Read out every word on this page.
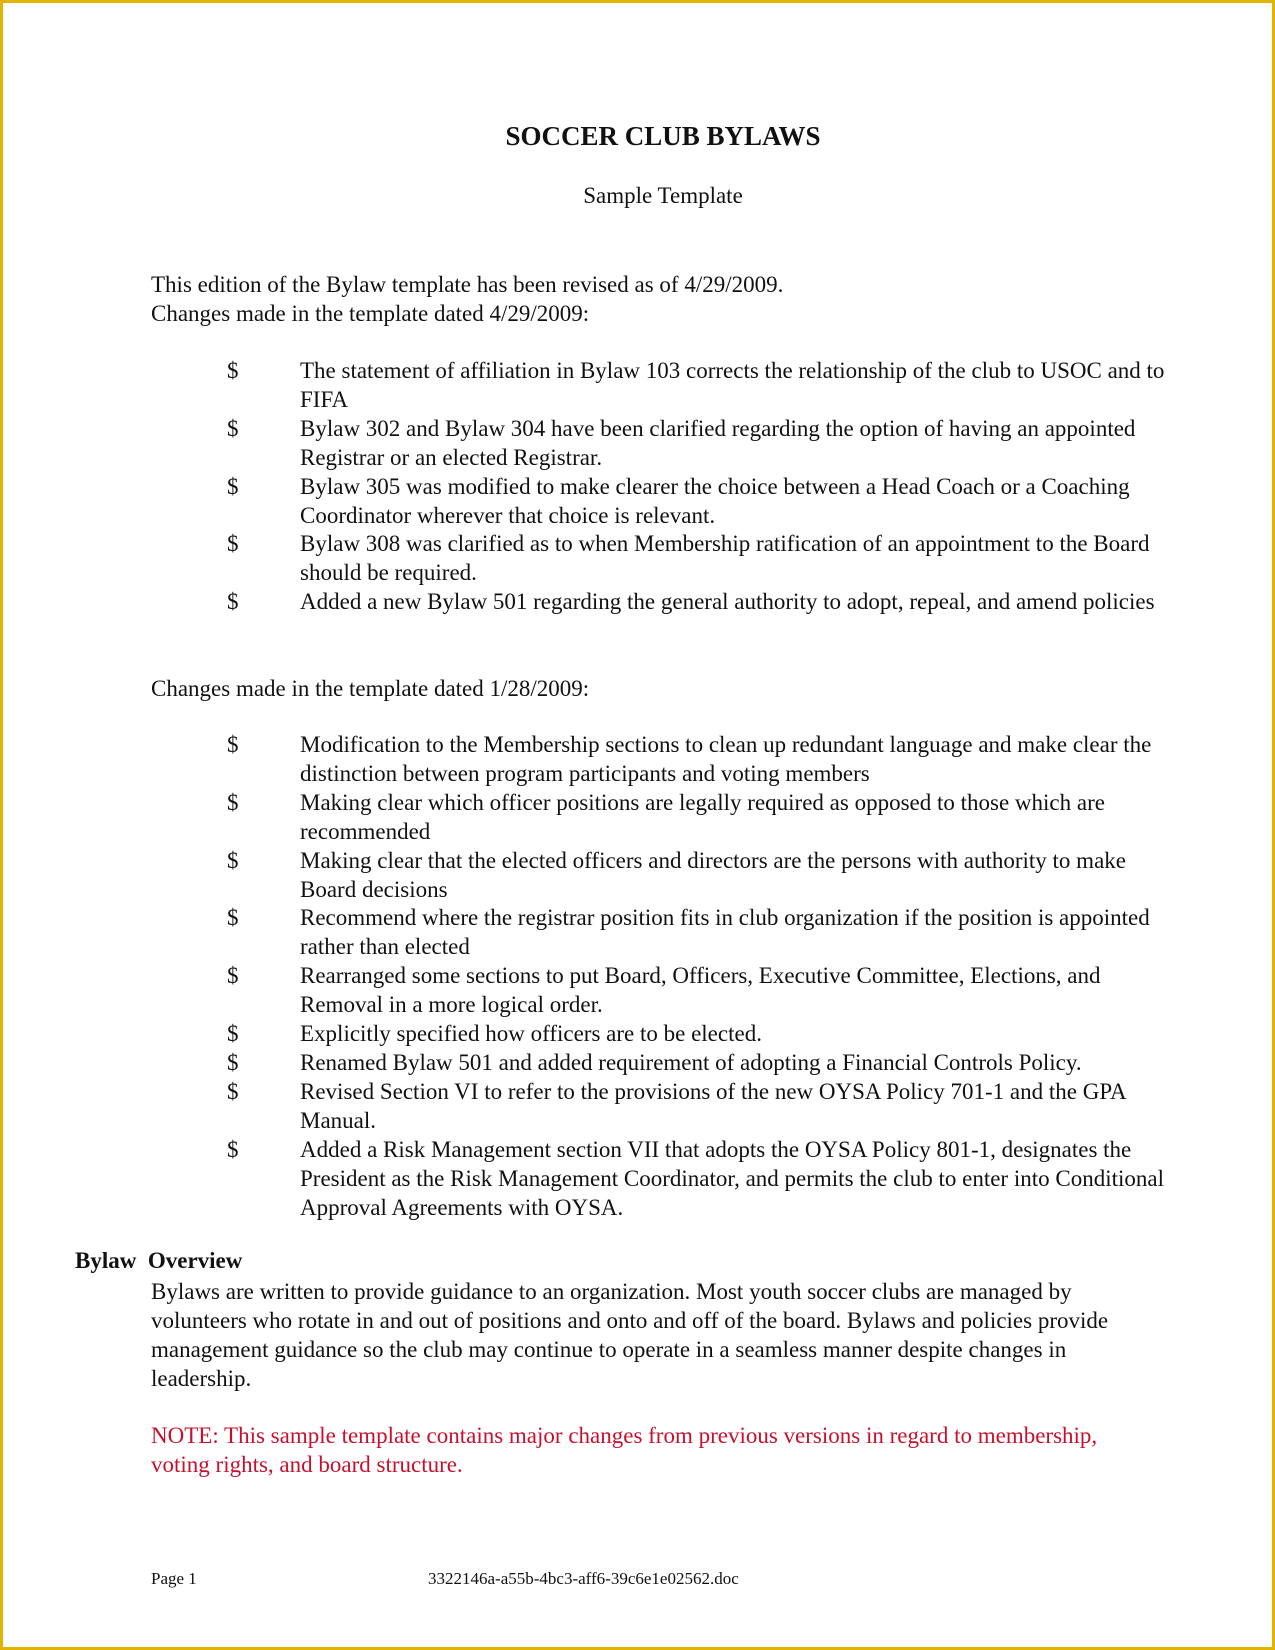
SOCCER CLUB BYLAWS
Sample Template
This edition of the Bylaw template has been revised as of 4/29/2009.
Changes made in the template dated 4/29/2009:
$	The statement of affiliation in Bylaw 103 corrects the relationship of the club to USOC and to FIFA
$	Bylaw 302 and Bylaw 304 have been clarified regarding the option of having an appointed Registrar or an elected Registrar.
$	Bylaw 305 was modified to make clearer the choice between a Head Coach or a Coaching Coordinator wherever that choice is relevant.
$	Bylaw 308 was clarified as to when Membership ratification of an appointment to the Board should be required.
$	Added a new Bylaw 501 regarding the general authority to adopt, repeal, and amend policies
Changes made in the template dated 1/28/2009:
$	Modification to the Membership sections to clean up redundant language and make clear the distinction between program participants and voting members
$	Making clear which officer positions are legally required as opposed to those which are recommended
$	Making clear that the elected officers and directors are the persons with authority to make Board decisions
$	Recommend where the registrar position fits in club organization if the position is appointed rather than elected
$	Rearranged some sections to put Board, Officers, Executive Committee, Elections, and Removal in a more logical order.
$	Explicitly specified how officers are to be elected.
$	Renamed Bylaw 501 and added requirement of adopting a Financial Controls Policy.
$	Revised Section VI to refer to the provisions of the new OYSA Policy 701-1 and the GPA Manual.
$	Added a Risk Management section VII that adopts the OYSA Policy 801-1, designates the President as the Risk Management Coordinator, and permits the club to enter into Conditional Approval Agreements with OYSA.
Bylaw  Overview
Bylaws are written to provide guidance to an organization. Most youth soccer clubs are managed by volunteers who rotate in and out of positions and onto and off of the board. Bylaws and policies provide management guidance so the club may continue to operate in a seamless manner despite changes in leadership.
NOTE: This sample template contains major changes from previous versions in regard to membership, voting rights, and board structure.
Page 1	3322146a-a55b-4bc3-aff6-39c6e1e02562.doc
